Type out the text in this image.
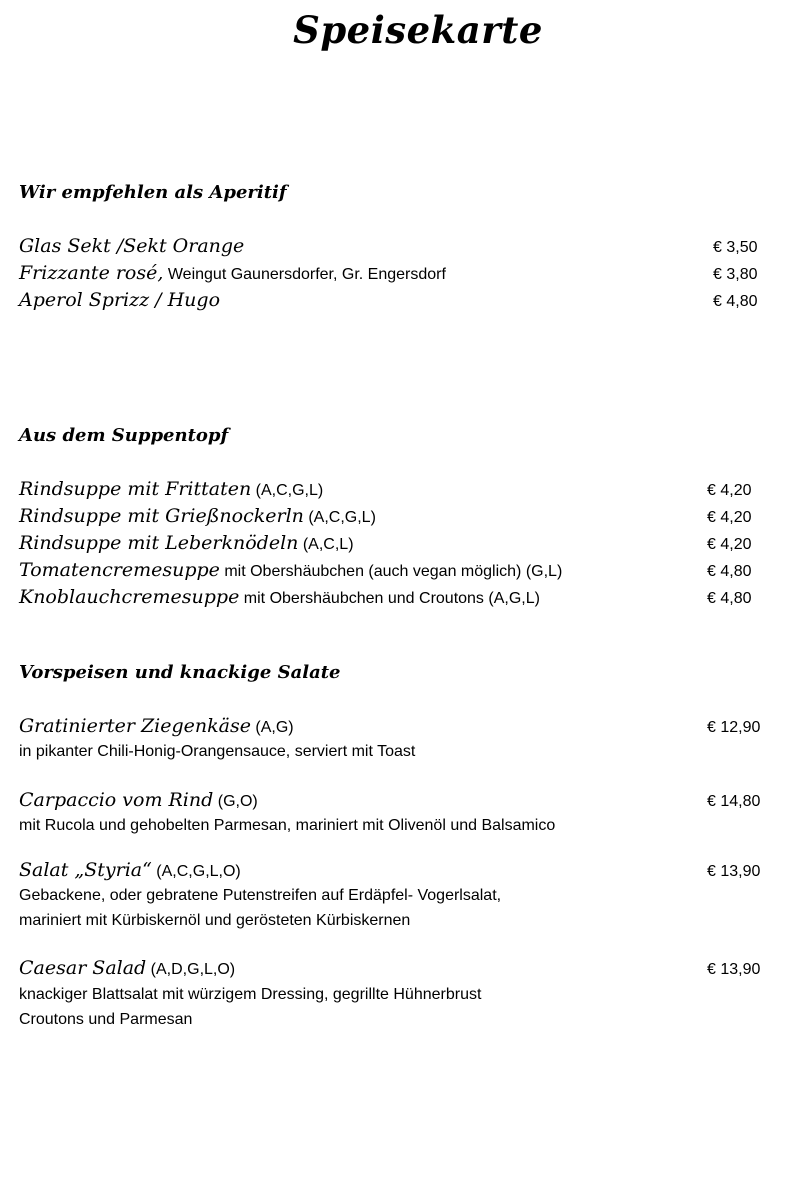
Speisekarte
Wir empfehlen als Aperitif
Glas Sekt /Sekt Orange	€ 3,50
Frizzante rosé, Weingut Gaunersdorfer, Gr. Engersdorf	€ 3,80
Aperol Sprizz / Hugo	€ 4,80
Aus dem Suppentopf
Rindsuppe mit Frittaten (A,C,G,L)	€ 4,20
Rindsuppe mit Grießnockerln (A,C,G,L)	€ 4,20
Rindsuppe mit Leberknödeln (A,C,L)	€ 4,20
Tomatencremesuppe mit Obershäubchen (auch vegan möglich) (G,L)	€ 4,80
Knoblauchcremesuppe mit Obershäubchen und Croutons (A,G,L)	€ 4,80
Vorspeisen und knackige Salate
Gratinierter Ziegenkäse (A,G)	€ 12,90
in pikanter Chili-Honig-Orangensauce, serviert mit Toast
Carpaccio vom Rind (G,O)	€ 14,80
mit Rucola und gehobelten Parmesan, mariniert mit Olivenöl und Balsamico
Salat „Styria“ (A,C,G,L,O)	€ 13,90
Gebackene, oder gebratene Putenstreifen auf Erdäpfel- Vogerlsalat,
mariniert mit Kürbiskernöl und gerösteten Kürbiskernen
Caesar Salad (A,D,G,L,O)	€ 13,90
knackiger Blattsalat mit würzigem Dressing, gegrillte Hühnerbrust
Croutons und Parmesan
